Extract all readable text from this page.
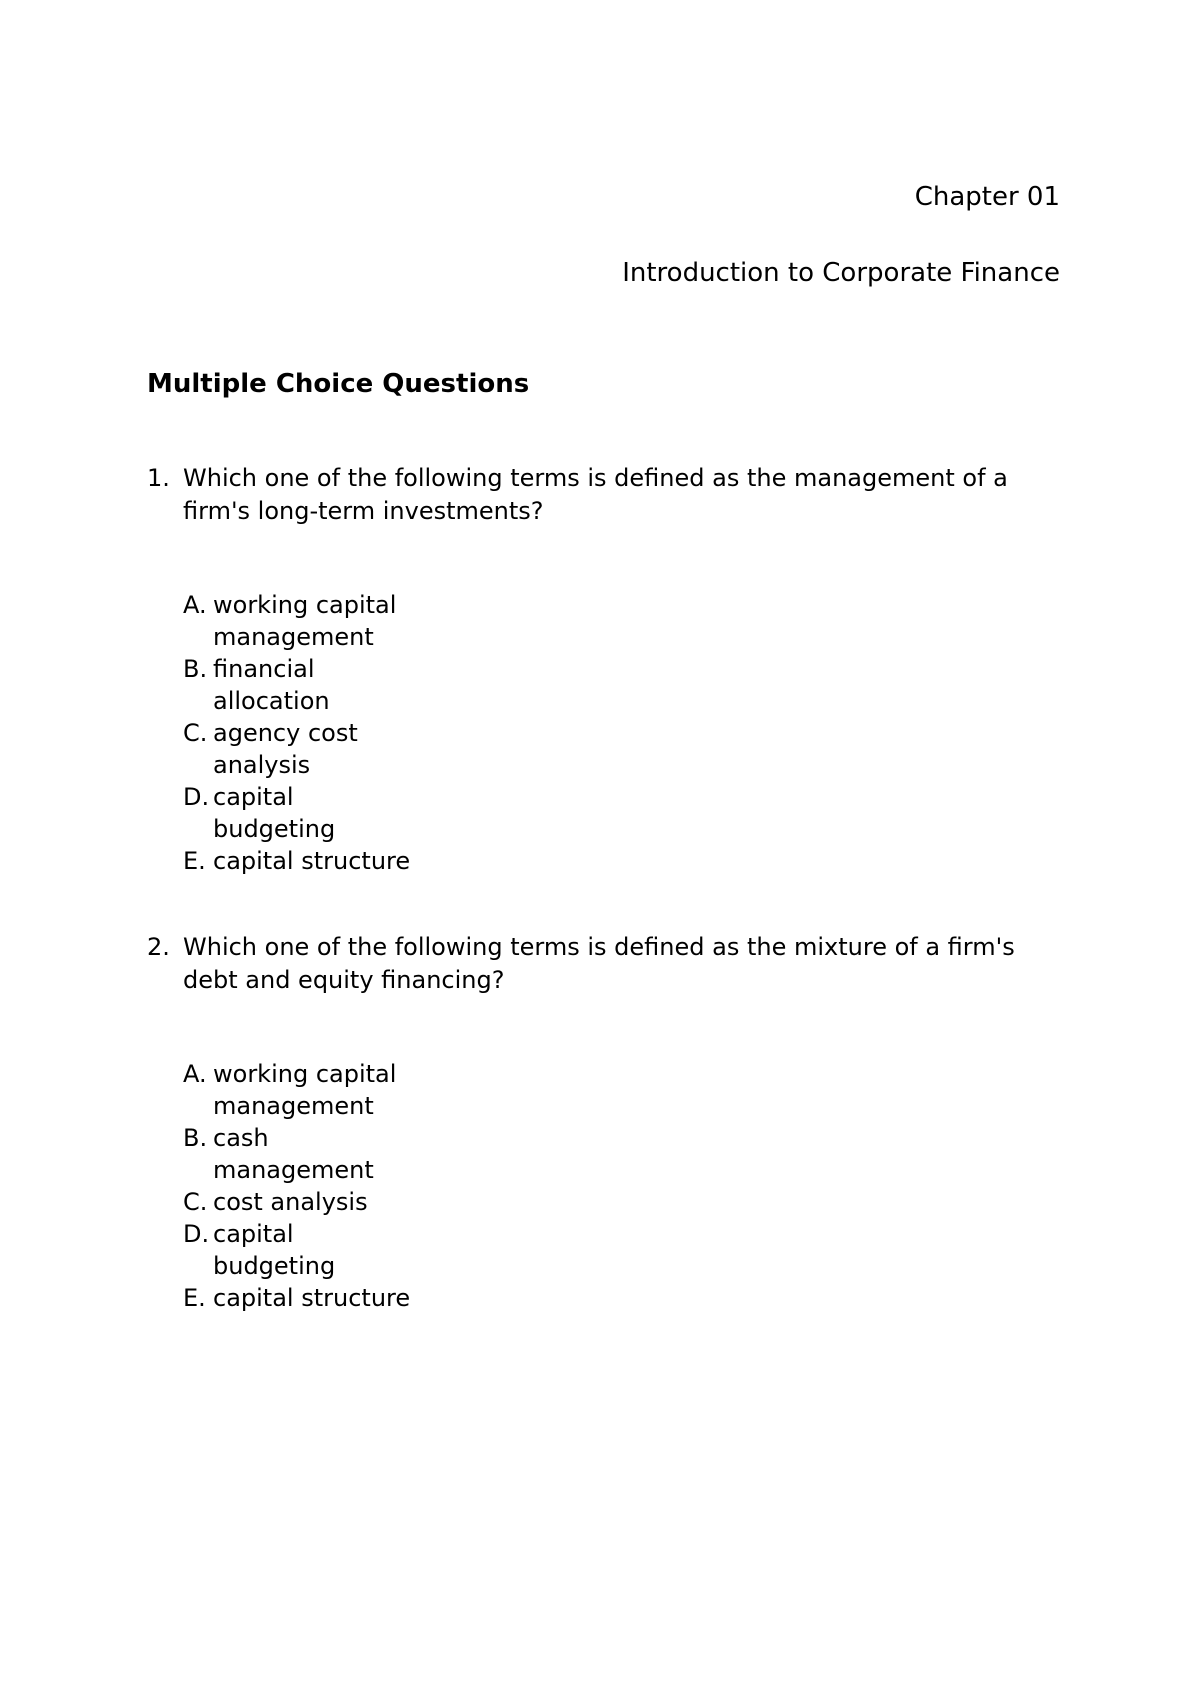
Chapter 01
Introduction to Corporate Finance
Multiple Choice Questions
1. Which one of the following terms is defined as the management of a firm's long-term investments?
A. working capital management
B. financial allocation
C. agency cost analysis
D. capital budgeting
E. capital structure
2. Which one of the following terms is defined as the mixture of a firm's debt and equity financing?
A. working capital management
B. cash management
C. cost analysis
D. capital budgeting
E. capital structure
